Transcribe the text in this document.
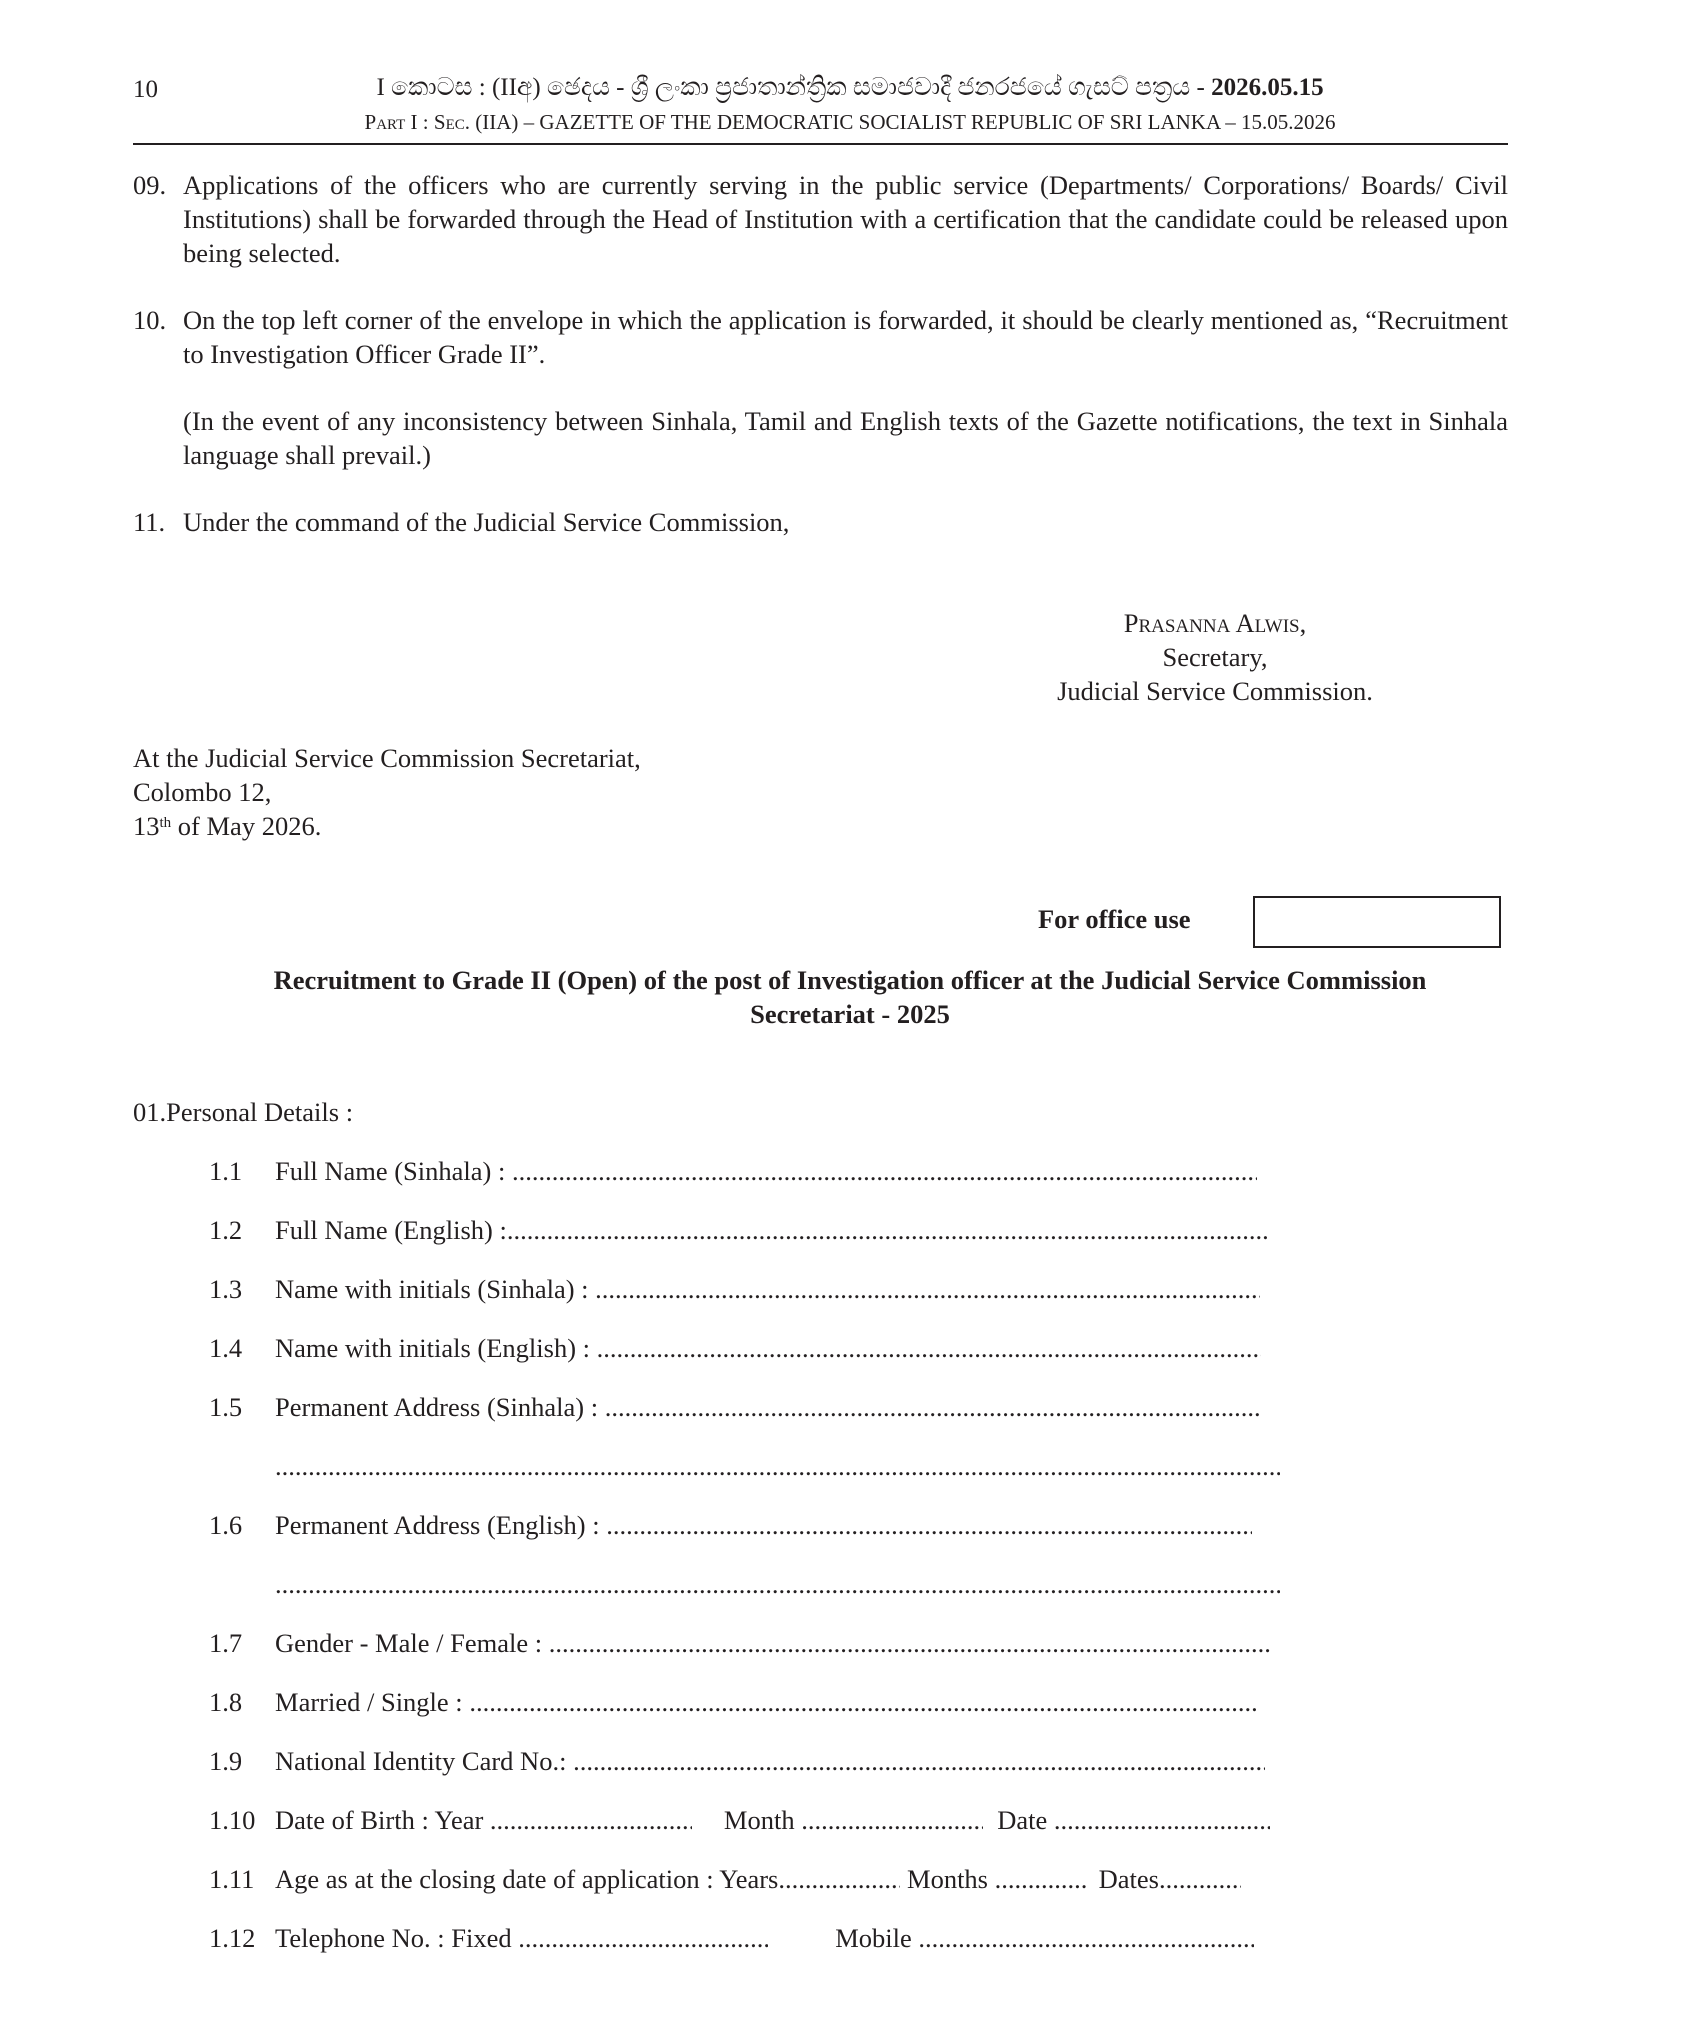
10	I කොටස : (IIඅ) ඡෙදය - ශ්‍රී ලංකා ප්‍රජාතාන්ත්‍රික සමාජවාදී ජනරජයේ ගැසට් පත්‍රය - 2026.05.15
Part I : Sec. (IIA) – GAZETTE OF THE DEMOCRATIC SOCIALIST REPUBLIC OF SRI LANKA – 15.05.2026
09. Applications of the officers who are currently serving in the public service (Departments/ Corporations/ Boards/ Civil Institutions) shall be forwarded through the Head of Institution with a certification that the candidate could be released upon being selected.
10. On the top left corner of the envelope in which the application is forwarded, it should be clearly mentioned as, “Recruitment to Investigation Officer Grade II”.
(In the event of any inconsistency between Sinhala, Tamil and English texts of the Gazette notifications, the text in Sinhala language shall prevail.)
11. Under the command of the Judicial Service Commission,
Prasanna Alwis,
Secretary,
Judicial Service Commission.
At the Judicial Service Commission Secretariat,
Colombo 12,
13th of May 2026.
For office use
Recruitment to Grade II (Open) of the post of Investigation officer at the Judicial Service Commission
Secretariat - 2025
01.Personal Details :
1.1 Full Name (Sinhala) : .....
1.2 Full Name (English) :.....
1.3 Name with initials (Sinhala) : .....
1.4 Name with initials (English) : .....
1.5 Permanent Address (Sinhala) : .....
.....
1.6 Permanent Address (English) : .....
.....
1.7 Gender - Male / Female : .....
1.8 Married / Single : .....
1.9 National Identity Card No.: .....
1.10 Date of Birth : Year .....	Month .....	Date .....
1.11 Age as at the closing date of application : Years .....	Months .....	Dates.....
1.12 Telephone No. : Fixed .....	Mobile .....
